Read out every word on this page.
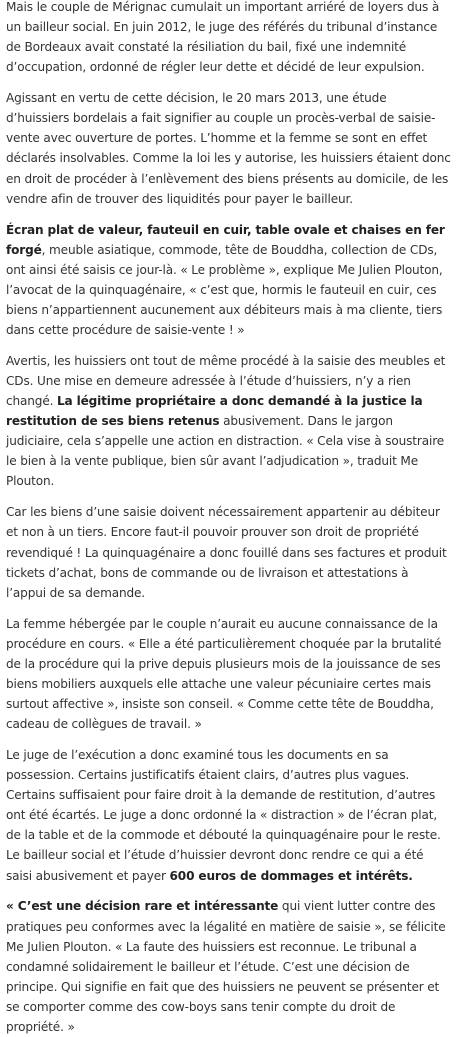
Mais le couple de Mérignac cumulait un important arriéré de loyers dus à un bailleur social. En juin 2012, le juge des référés du tribunal d’instance de Bordeaux avait constaté la résiliation du bail, fixé une indemnité d’occupation, ordonné de régler leur dette et décidé de leur expulsion.

Agissant en vertu de cette décision, le 20 mars 2013, une étude d’huissiers bordelais a fait signifier au couple un procès-verbal de saisie-vente avec ouverture de portes. L’homme et la femme se sont en effet déclarés insolvables. Comme la loi les y autorise, les huissiers étaient donc en droit de procéder à l’enlèvement des biens présents au domicile, de les vendre afin de trouver des liquidités pour payer le bailleur.

Écran plat de valeur, fauteuil en cuir, table ovale et chaises en fer forgé, meuble asiatique, commode, tête de Bouddha, collection de CDs, ont ainsi été saisis ce jour-là. « Le problème », explique Me Julien Plouton, l’avocat de la quinquagénaire, « c’est que, hormis le fauteuil en cuir, ces biens n’appartiennent aucunement aux débiteurs mais à ma cliente, tiers dans cette procédure de saisie-vente ! »

Avertis, les huissiers ont tout de même procédé à la saisie des meubles et CDs. Une mise en demeure adressée à l’étude d’huissiers, n’y a rien changé. La légitime propriétaire a donc demandé à la justice la restitution de ses biens retenus abusivement. Dans le jargon judiciaire, cela s’appelle une action en distraction. « Cela vise à soustraire le bien à la vente publique, bien sûr avant l’adjudication », traduit Me Plouton.

Car les biens d’une saisie doivent nécessairement appartenir au débiteur et non à un tiers. Encore faut-il pouvoir prouver son droit de propriété revendiqué ! La quinquagénaire a donc fouillé dans ses factures et produit tickets d’achat, bons de commande ou de livraison et attestations à l’appui de sa demande.

La femme hébergée par le couple n’aurait eu aucune connaissance de la procédure en cours. « Elle a été particulièrement choquée par la brutalité de la procédure qui la prive depuis plusieurs mois de la jouissance de ses biens mobiliers auxquels elle attache une valeur pécuniaire certes mais surtout affective », insiste son conseil. « Comme cette tête de Bouddha, cadeau de collègues de travail. »

Le juge de l’exécution a donc examiné tous les documents en sa possession. Certains justificatifs étaient clairs, d’autres plus vagues. Certains suffisaient pour faire droit à la demande de restitution, d’autres ont été écartés. Le juge a donc ordonné la « distraction » de l’écran plat, de la table et de la commode et débouté la quinquagénaire pour le reste. Le bailleur social et l’étude d’huissier devront donc rendre ce qui a été saisi abusivement et payer 600 euros de dommages et intérêts.

« C’est une décision rare et intéressante qui vient lutter contre des pratiques peu conformes avec la légalité en matière de saisie », se félicite Me Julien Plouton. « La faute des huissiers est reconnue. Le tribunal a condamné solidairement le bailleur et l’étude. C’est une décision de principe. Qui signifie en fait que des huissiers ne peuvent se présenter et se comporter comme des cow-boys sans tenir compte du droit de propriété. »
